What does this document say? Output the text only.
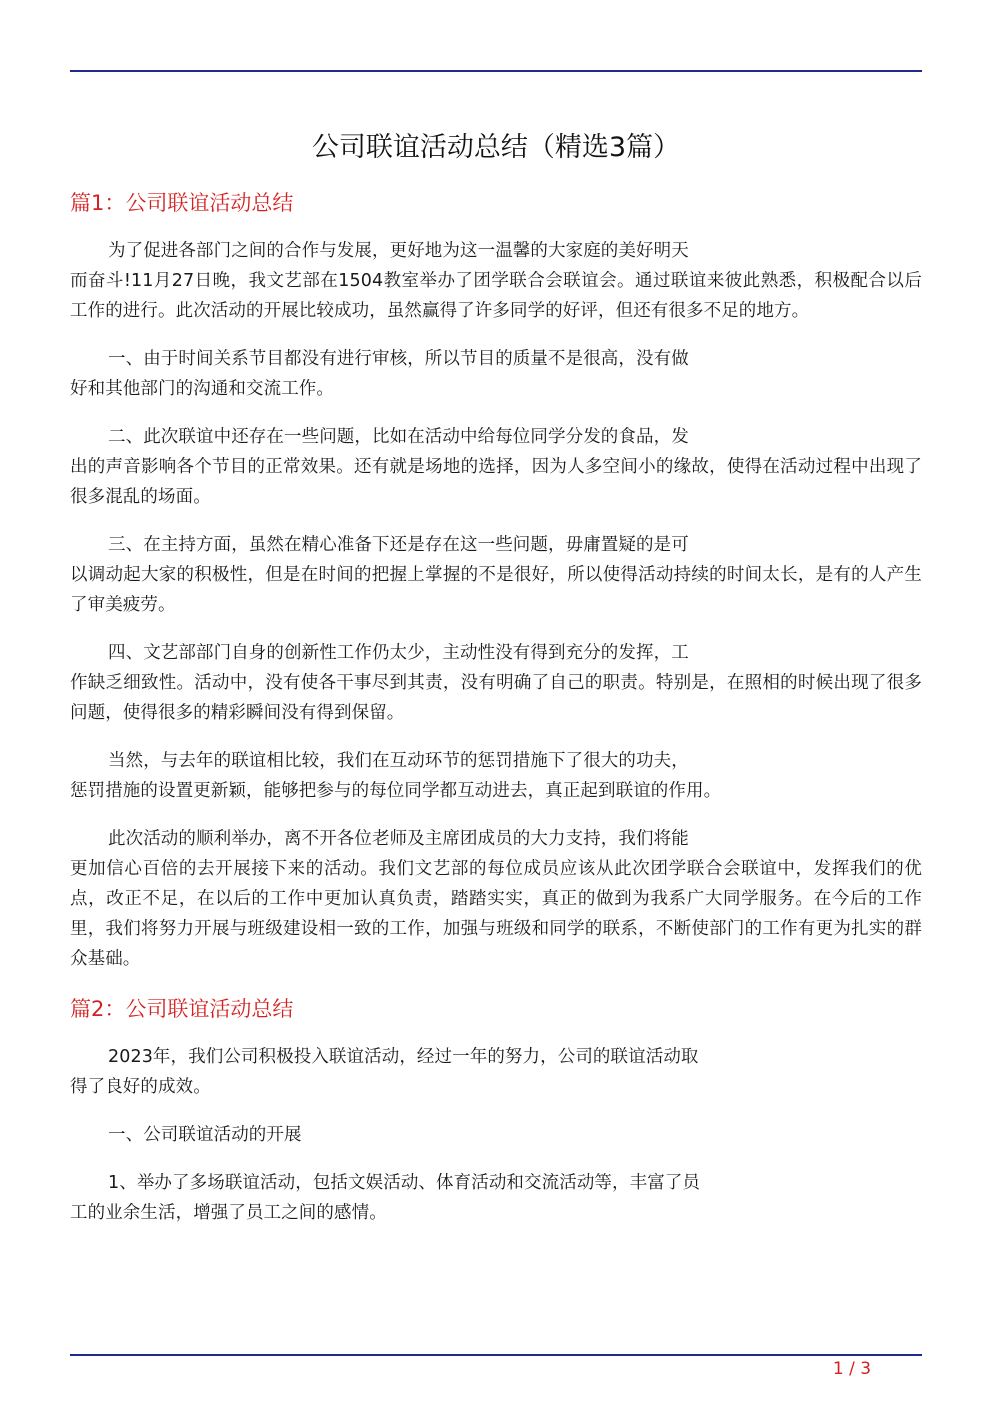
公司联谊活动总结（精选3篇）
篇1：公司联谊活动总结

为了促进各部门之间的合作与发展，更好地为这一温馨的大家庭的美好明天
而奋斗!11月27日晚，我文艺部在1504教室举办了团学联合会联谊会。通过联谊来彼此熟悉，积极配合以后工作的进行。此次活动的开展比较成功，虽然赢得了许多同学的好评，但还有很多不足的地方。

一、由于时间关系节目都没有进行审核，所以节目的质量不是很高，没有做
好和其他部门的沟通和交流工作。

二、此次联谊中还存在一些问题，比如在活动中给每位同学分发的食品，发
出的声音影响各个节目的正常效果。还有就是场地的选择，因为人多空间小的缘故，使得在活动过程中出现了很多混乱的场面。

三、在主持方面，虽然在精心准备下还是存在这一些问题，毋庸置疑的是可
以调动起大家的积极性，但是在时间的把握上掌握的不是很好，所以使得活动持续的时间太长，是有的人产生了审美疲劳。

四、文艺部部门自身的创新性工作仍太少，主动性没有得到充分的发挥，工
作缺乏细致性。活动中，没有使各干事尽到其责，没有明确了自己的职责。特别是，在照相的时候出现了很多问题，使得很多的精彩瞬间没有得到保留。

当然，与去年的联谊相比较，我们在互动环节的惩罚措施下了很大的功夫，
惩罚措施的设置更新颖，能够把参与的每位同学都互动进去，真正起到联谊的作用。

此次活动的顺利举办，离不开各位老师及主席团成员的大力支持，我们将能
更加信心百倍的去开展接下来的活动。我们文艺部的每位成员应该从此次团学联合会联谊中，发挥我们的优点，改正不足，在以后的工作中更加认真负责，踏踏实实，真正的做到为我系广大同学服务。在今后的工作里，我们将努力开展与班级建设相一致的工作，加强与班级和同学的联系，不断使部门的工作有更为扎实的群众基础。

篇2：公司联谊活动总结

2023年，我们公司积极投入联谊活动，经过一年的努力，公司的联谊活动取
得了良好的成效。

一、公司联谊活动的开展

1、举办了多场联谊活动，包括文娱活动、体育活动和交流活动等，丰富了员
工的业余生活，增强了员工之间的感情。

1 / 3
